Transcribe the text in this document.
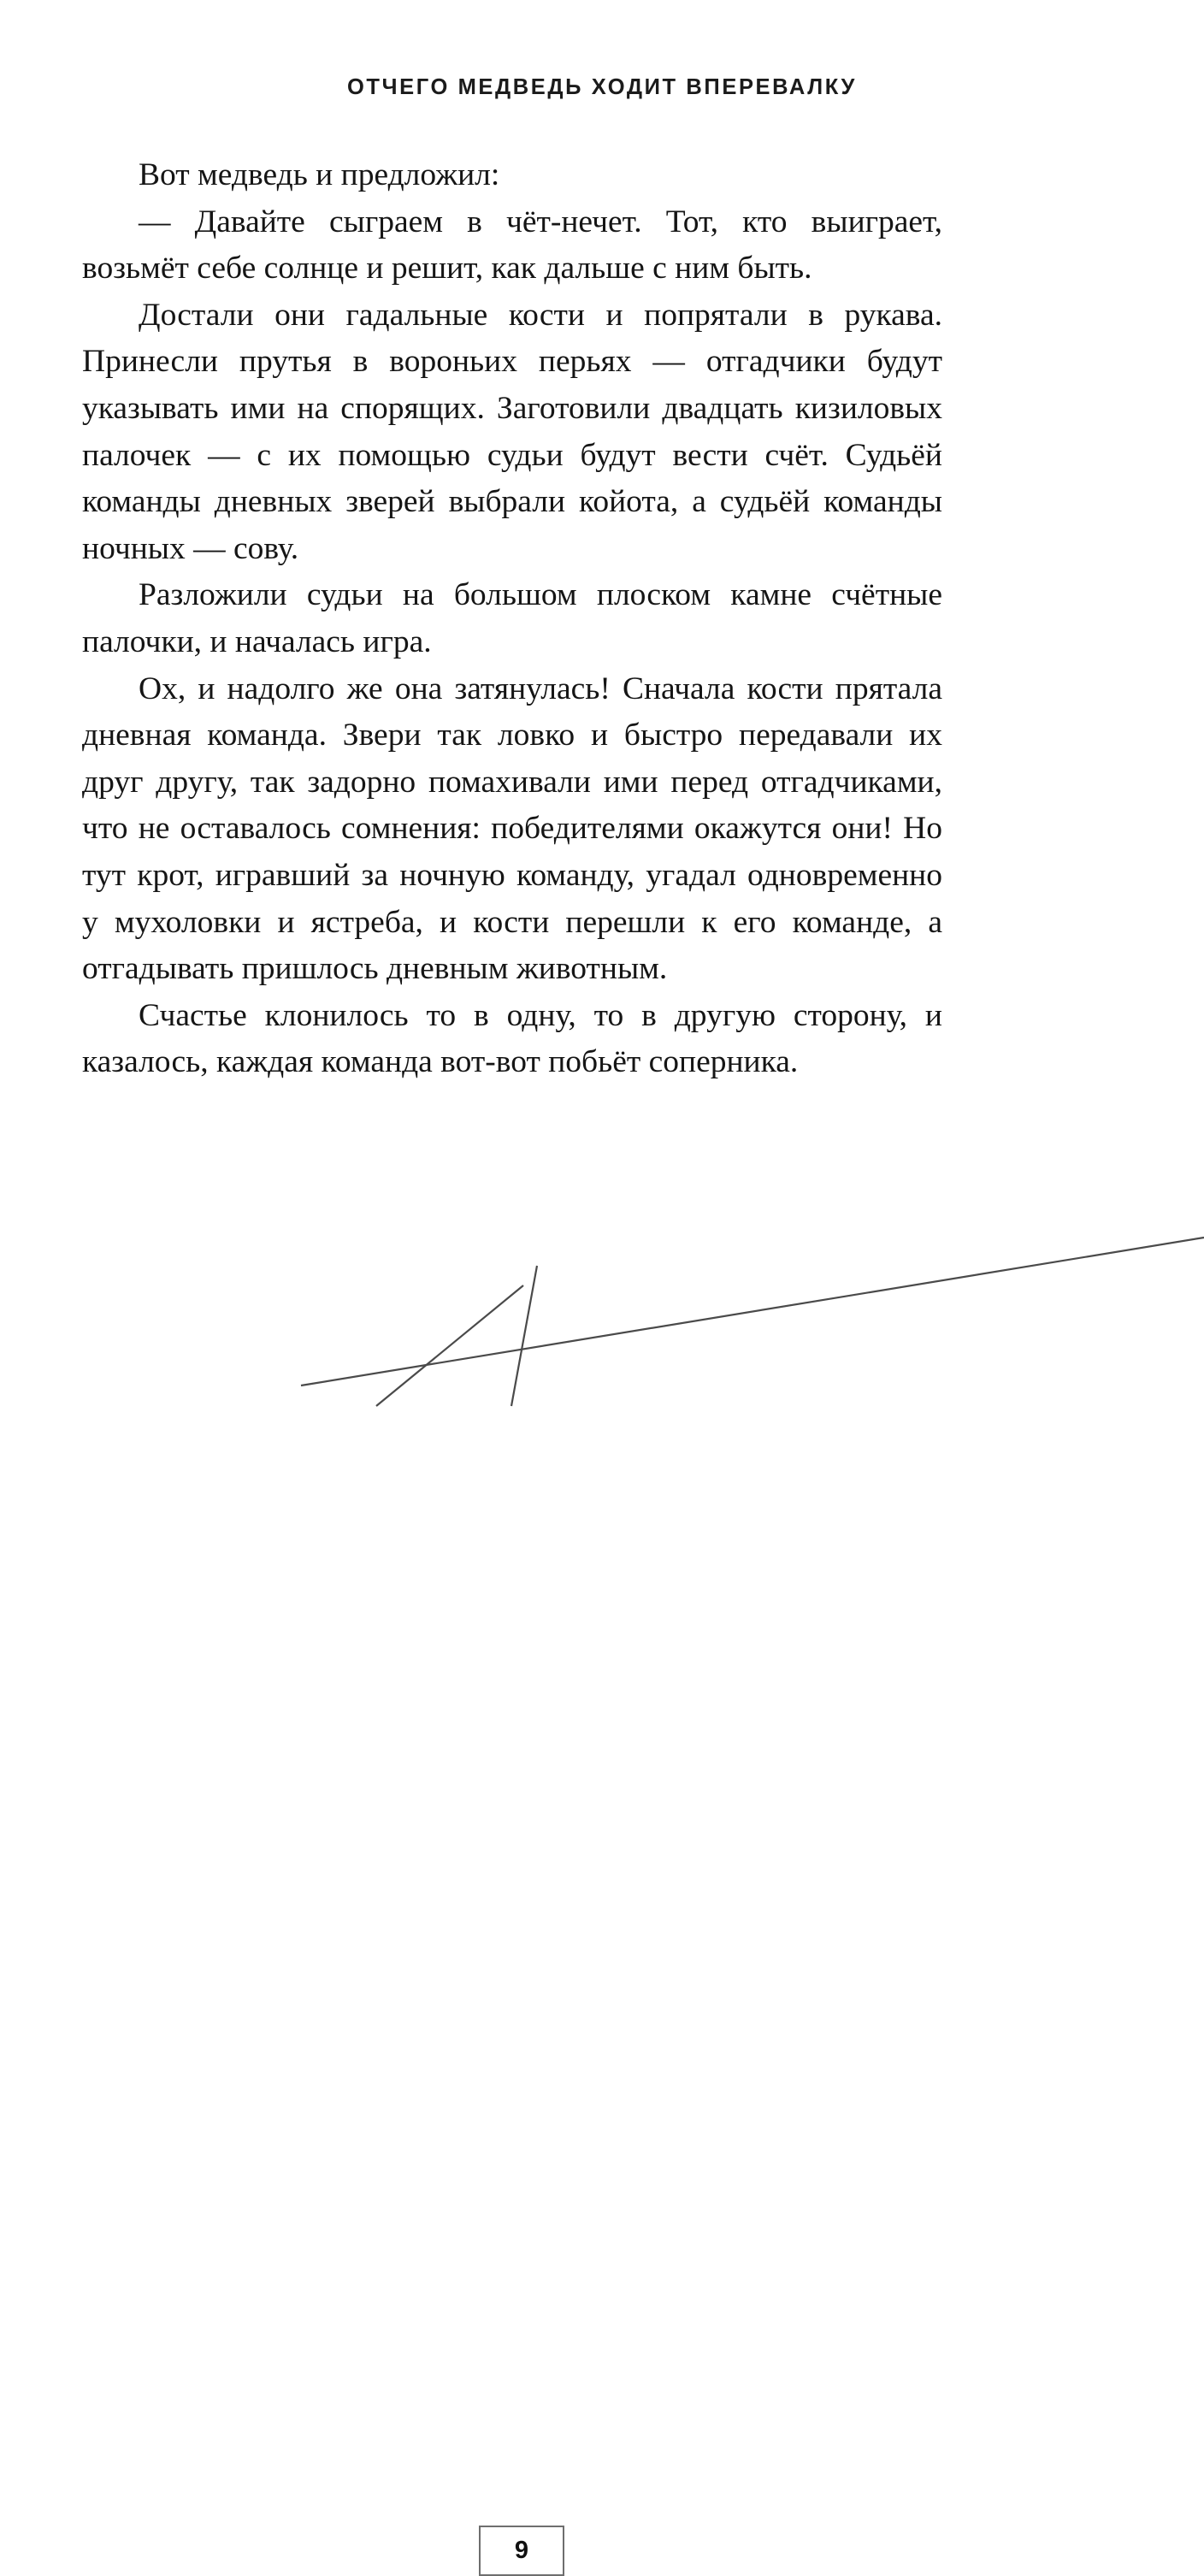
ОТЧЕГО МЕДВЕДЬ ХОДИТ ВПЕРЕВАЛКУ

Вот медведь и предложил:

— Давайте сыграем в чёт-нечет. Тот, кто выиграет, возьмёт себе солнце и решит, как дальше с ним быть.

Достали они гадальные кости и попрятали в рукава. Принесли прутья в вороньих перьях — отгадчики будут указывать ими на спорящих. Заготовили двадцать кизиловых палочек — с их помощью судьи будут вести счёт. Судьёй команды дневных зверей выбрали койота, а судьёй команды ночных — сову.

Разложили судьи на большом плоском камне счётные палочки, и началась игра.

Ох, и надолго же она затянулась! Сначала кости прятала дневная команда. Звери так ловко и быстро передавали их друг другу, так задорно помахивали ими перед отгадчиками, что не оставалось сомнения: победителями окажутся они! Но тут крот, игравший за ночную команду, угадал одновременно у мухоловки и ястреба, и кости перешли к его команде, а отгадывать пришлось дневным животным.

Счастье клонилось то в одну, то в другую сторону, и казалось, каждая команда вот-вот побьёт соперника.

9
